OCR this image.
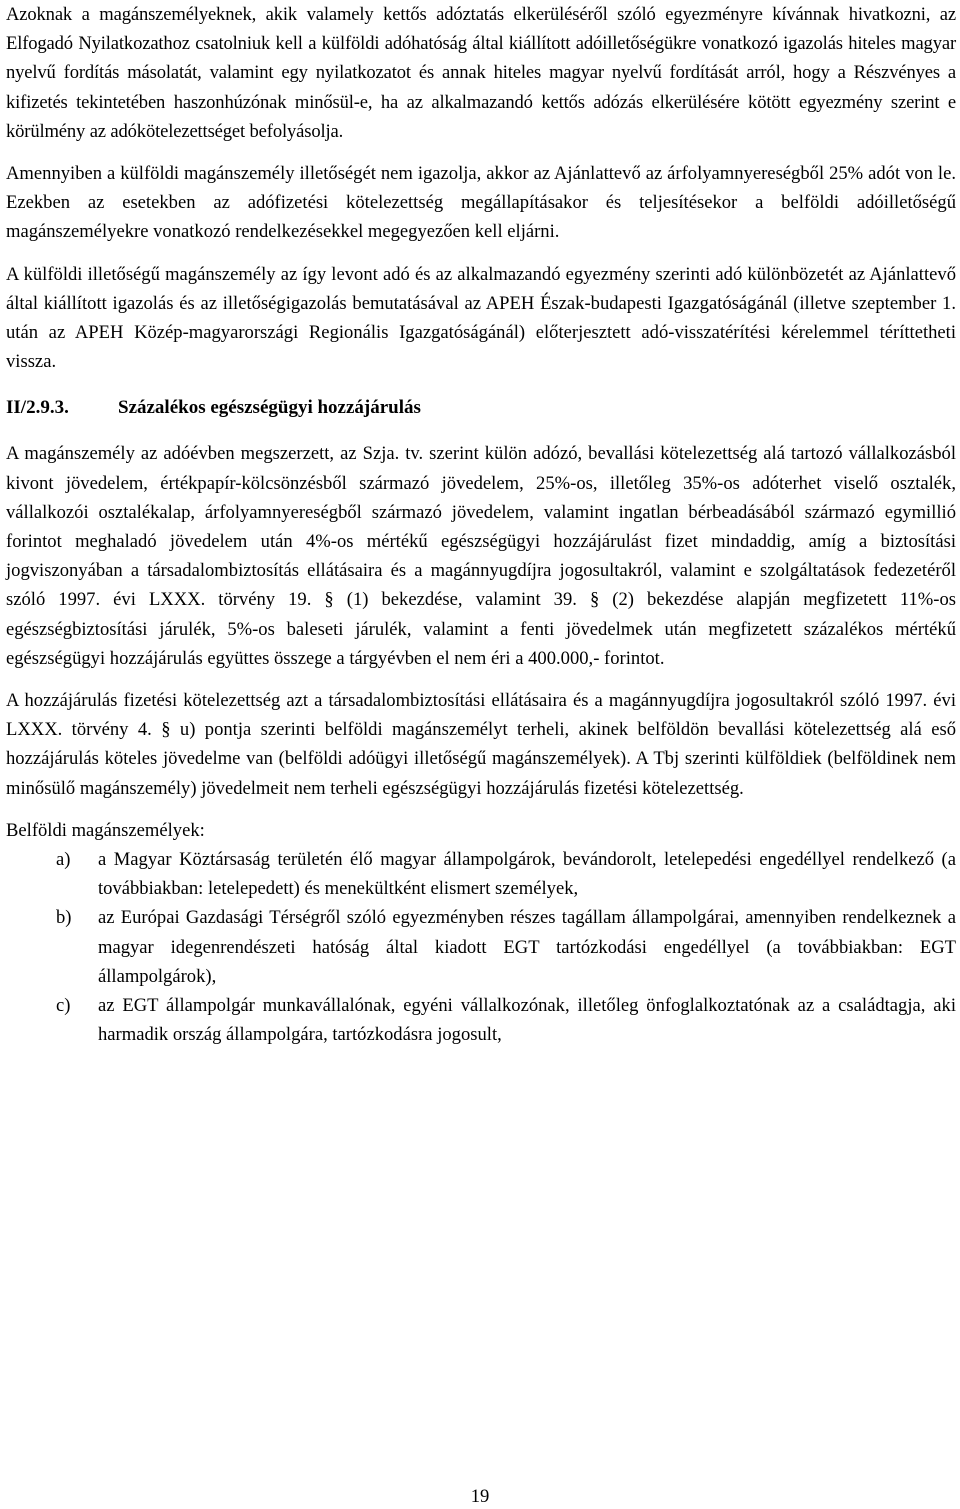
Azoknak a magánszemélyeknek, akik valamely kettős adóztatás elkerüléséről szóló egyezményre kívánnak hivatkozni, az Elfogadó Nyilatkozathoz csatolniuk kell a külföldi adóhatóság által kiállított adóilletőségükre vonatkozó igazolás hiteles magyar nyelvű fordítás másolatát, valamint egy nyilatkozatot és annak hiteles magyar nyelvű fordítását arról, hogy a Részvényes a kifizetés tekintetében haszonhúzónak minősül-e, ha az alkalmazandó kettős adózás elkerülésére kötött egyezmény szerint e körülmény az adókötelezettséget befolyásolja.

Amennyiben a külföldi magánszemély illetőségét nem igazolja, akkor az Ajánlattevő az árfolyamnyereségből 25% adót von le. Ezekben az esetekben az adófizetési kötelezettség megállapításakor és teljesítésekor a belföldi adóilletőségű magánszemélyekre vonatkozó rendelkezésekkel megegyezően kell eljárni.

A külföldi illetőségű magánszemély az így levont adó és az alkalmazandó egyezmény szerinti adó különbözetét az Ajánlattevő által kiállított igazolás és az illetőségigazolás bemutatásával az APEH Észak-budapesti Igazgatóságánál (illetve szeptember 1. után az APEH Közép-magyarországi Regionális Igazgatóságánál) előterjesztett adó-visszatérítési kérelemmel téríttetheti vissza.

II/2.9.3.	Százalékos egészségügyi hozzájárulás

A magánszemély az adóévben megszerzett, az Szja. tv. szerint külön adózó, bevallási kötelezettség alá tartozó vállalkozásból kivont jövedelem, értékpapír-kölcsönzésből származó jövedelem, 25%-os, illetőleg 35%-os adóterhet viselő osztalék, vállalkozói osztalékalap, árfolyamnyereségből származó jövedelem, valamint ingatlan bérbeadásából származó egymillió forintot meghaladó jövedelem után 4%-os mértékű egészségügyi hozzájárulást fizet mindaddig, amíg a biztosítási jogviszonyában a társadalombiztosítás ellátásaira és a magánnyugdíjra jogosultakról, valamint e szolgáltatások fedezetéről szóló 1997. évi LXXX. törvény 19. § (1) bekezdése, valamint 39. § (2) bekezdése alapján megfizetett 11%-os egészségbiztosítási járulék, 5%-os baleseti járulék, valamint a fenti jövedelmek után megfizetett százalékos mértékű egészségügyi hozzájárulás együttes összege a tárgyévben el nem éri a 400.000,- forintot.

A hozzájárulás fizetési kötelezettség azt a társadalombiztosítási ellátásaira és a magánnyugdíjra jogosultakról szóló 1997. évi LXXX. törvény 4. § u) pontja szerinti belföldi magánszemélyt terheli, akinek belföldön bevallási kötelezettség alá eső hozzájárulás köteles jövedelme van (belföldi adóügyi illetőségű magánszemélyek). A Tbj szerinti külföldiek (belföldinek nem minősülő magánszemély) jövedelmeit nem terheli egészségügyi hozzájárulás fizetési kötelezettség.

Belföldi magánszemélyek:

a)	a Magyar Köztársaság területén élő magyar állampolgárok, bevándorolt, letelepedési engedéllyel rendelkező (a továbbiakban: letelepedett) és menekültként elismert személyek,
b)	az Európai Gazdasági Térségről szóló egyezményben részes tagállam állampolgárai, amennyiben rendelkeznek a magyar idegenrendészeti hatóság által kiadott EGT tartózkodási engedéllyel (a továbbiakban: EGT állampolgárok),
c)	az EGT állampolgár munkavállalónak, egyéni vállalkozónak, illetőleg önfoglalkoztatónak az a családtagja, aki harmadik ország állampolgára, tartózkodásra jogosult,
19
